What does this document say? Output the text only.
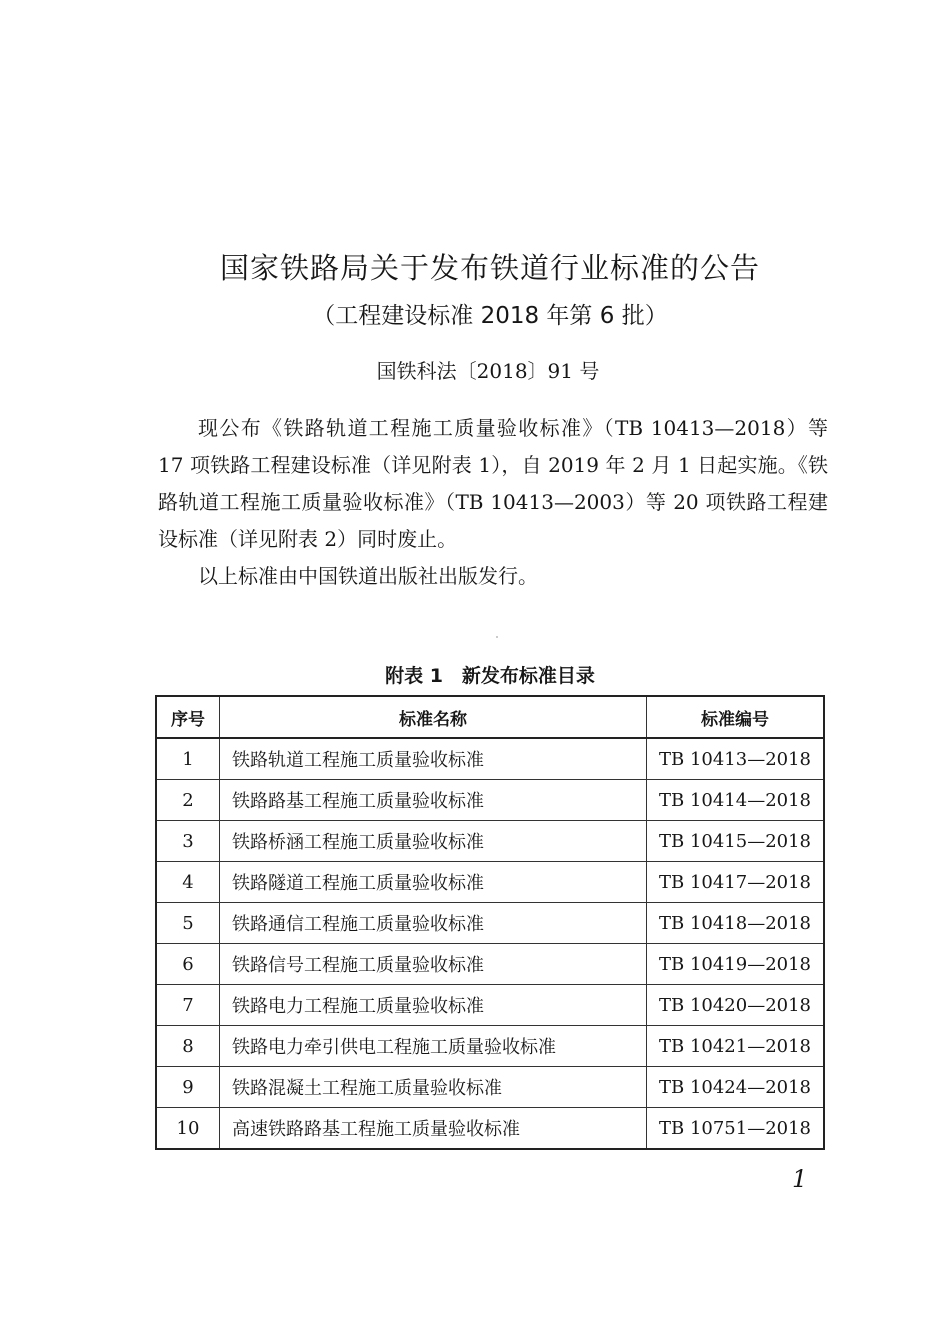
国家铁路局关于发布铁道行业标准的公告
（工程建设标准 2018 年第 6 批）
国铁科法〔2018〕91 号

现公布《铁路轨道工程施工质量验收标准》（TB 10413—2018）等 17 项铁路工程建设标准（详见附表 1），自 2019 年 2 月 1 日起实施。《铁路轨道工程施工质量验收标准》（TB 10413—2003）等 20 项铁路工程建设标准（详见附表 2）同时废止。

以上标准由中国铁道出版社出版发行。

附表 1　新发布标准目录
序号	标准名称	标准编号
1	铁路轨道工程施工质量验收标准	TB 10413—2018
2	铁路路基工程施工质量验收标准	TB 10414—2018
3	铁路桥涵工程施工质量验收标准	TB 10415—2018
4	铁路隧道工程施工质量验收标准	TB 10417—2018
5	铁路通信工程施工质量验收标准	TB 10418—2018
6	铁路信号工程施工质量验收标准	TB 10419—2018
7	铁路电力工程施工质量验收标准	TB 10420—2018
8	铁路电力牵引供电工程施工质量验收标准	TB 10421—2018
9	铁路混凝土工程施工质量验收标准	TB 10424—2018
10	高速铁路路基工程施工质量验收标准	TB 10751—2018
1
